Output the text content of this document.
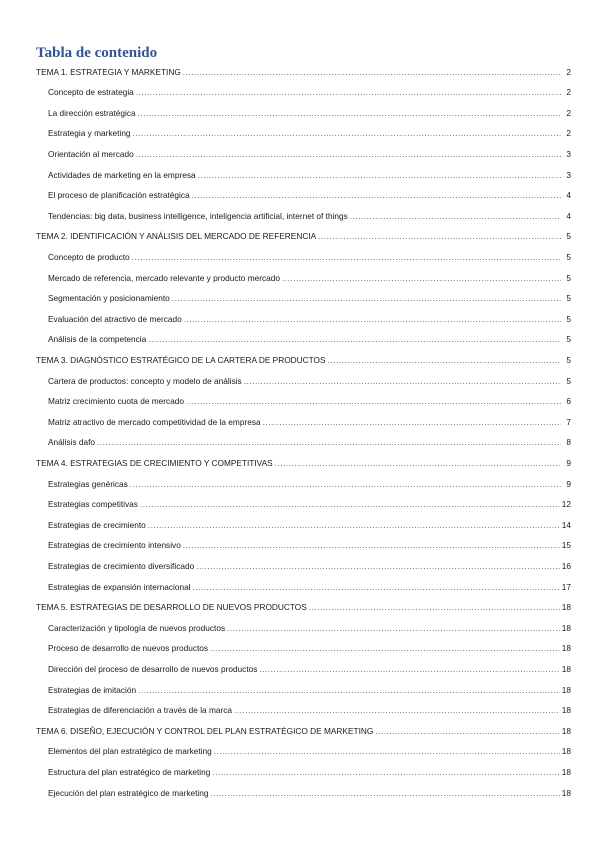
Tabla de contenido
TEMA 1. ESTRATEGIA Y MARKETING .....	2
Concepto de estrategia .....	2
La dirección estratégica .....	2
Estrategia y marketing .....	2
Orientación al mercado .....	3
Actividades de marketing en la empresa .....	3
El proceso de planificación estratégica .....	4
Tendencias: big data, business intelligence, inteligencia artificial, internet of things .....	4
TEMA 2. IDENTIFICACIÓN Y ANÁLISIS DEL MERCADO DE REFERENCIA .....	5
Concepto de producto .....	5
Mercado de referencia, mercado relevante y producto mercado .....	5
Segmentación y posicionamiento .....	5
Evaluación del atractivo de mercado .....	5
Análisis de la competencia .....	5
TEMA 3. DIAGNÓSTICO ESTRATÉGICO DE LA CARTERA DE PRODUCTOS .....	5
Cartera de productos: concepto y modelo de análisis .....	5
Matriz crecimiento cuota de mercado .....	6
Matriz atractivo de mercado competitividad de la empresa .....	7
Análisis dafo .....	8
TEMA 4. ESTRATEGIAS DE CRECIMIENTO Y COMPETITIVAS .....	9
Estrategias genéricas .....	9
Estrategias competitivas .....	12
Estrategias de crecimiento .....	14
Estrategias de crecimiento intensivo .....	15
Estrategias de crecimiento diversificado .....	16
Estrategias de expansión internacional .....	17
TEMA 5. ESTRATEGIAS DE DESARROLLO DE NUEVOS PRODUCTOS .....	18
Caracterización y tipología de nuevos productos .....	18
Proceso de desarrollo de nuevos productos .....	18
Dirección del proceso de desarrollo de nuevos productos .....	18
Estrategias de imitación .....	18
Estrategias de diferenciación a través de la marca .....	18
TEMA 6. DISEÑO, EJECUCIÓN Y CONTROL DEL PLAN ESTRATÉGICO DE MARKETING .....	18
Elementos del plan estratégico de marketing .....	18
Estructura del plan estratégico de marketing .....	18
Ejecución del plan estratégico de marketing .....	18
